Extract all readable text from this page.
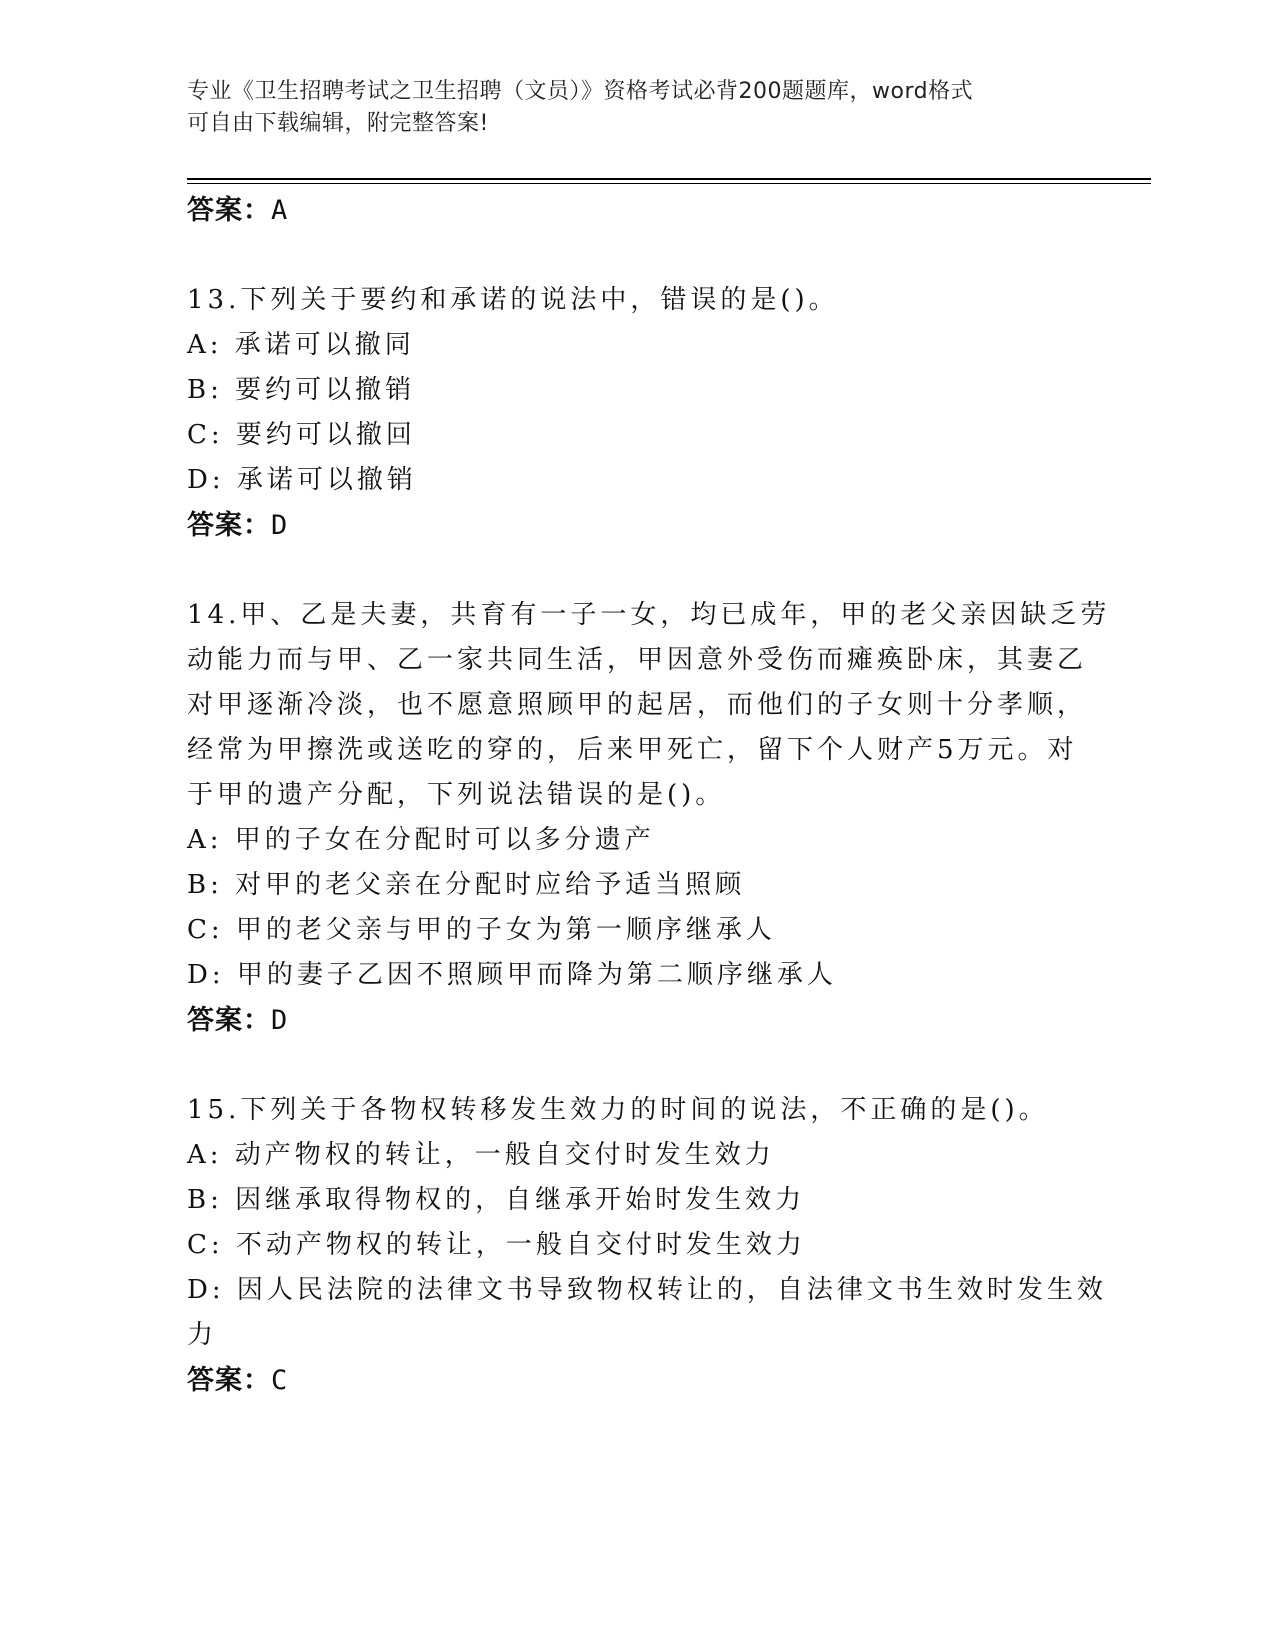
专业《卫生招聘考试之卫生招聘（文员）》资格考试必背200题题库，word格式
可自由下载编辑，附完整答案!
答案：A
13.下列关于要约和承诺的说法中，错误的是()。
A: 承诺可以撤同
B: 要约可以撤销
C: 要约可以撤回
D: 承诺可以撤销
答案：D
14.甲、乙是夫妻，共育有一子一女，均已成年，甲的老父亲因缺乏劳
动能力而与甲、乙一家共同生活，甲因意外受伤而瘫痪卧床，其妻乙
对甲逐渐冷淡，也不愿意照顾甲的起居，而他们的子女则十分孝顺，
经常为甲擦洗或送吃的穿的，后来甲死亡，留下个人财产5万元。对
于甲的遗产分配，下列说法错误的是()。
A: 甲的子女在分配时可以多分遗产
B: 对甲的老父亲在分配时应给予适当照顾
C: 甲的老父亲与甲的子女为第一顺序继承人
D: 甲的妻子乙因不照顾甲而降为第二顺序继承人
答案：D
15.下列关于各物权转移发生效力的时间的说法，不正确的是()。
A: 动产物权的转让，一般自交付时发生效力
B: 因继承取得物权的，自继承开始时发生效力
C: 不动产物权的转让，一般自交付时发生效力
D: 因人民法院的法律文书导致物权转让的，自法律文书生效时发生效
力
答案：C
